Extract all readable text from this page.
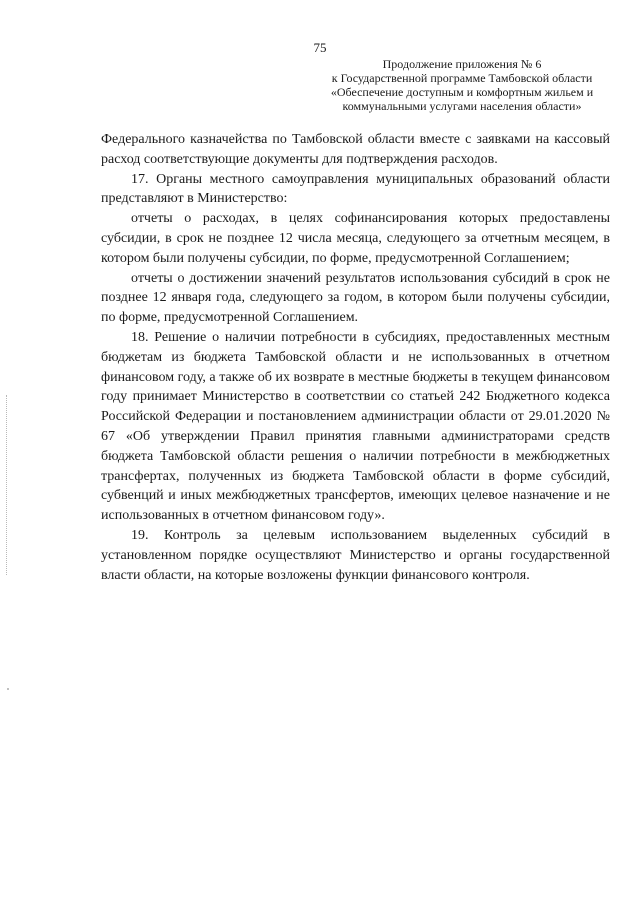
75
Продолжение приложения № 6
к Государственной программе Тамбовской области
«Обеспечение доступным и комфортным жильем и
коммунальными услугами населения области»

Федерального казначейства по Тамбовской области вместе с заявками на кассовый расход соответствующие документы для подтверждения расходов.

17. Органы местного самоуправления муниципальных образований области представляют в Министерство:

отчеты о расходах, в целях софинансирования которых предоставлены субсидии, в срок не позднее 12 числа месяца, следующего за отчетным месяцем, в котором были получены субсидии, по форме, предусмотренной Соглашением;

отчеты о достижении значений результатов использования субсидий в срок не позднее 12 января года, следующего за годом, в котором были получены субсидии, по форме, предусмотренной Соглашением.

18. Решение о наличии потребности в субсидиях, предоставленных местным бюджетам из бюджета Тамбовской области и не использованных в отчетном финансовом году, а также об их возврате в местные бюджеты в текущем финансовом году принимает Министерство в соответствии со статьей 242 Бюджетного кодекса Российской Федерации и постановлением администрации области от 29.01.2020 № 67 «Об утверждении Правил принятия главными администраторами средств бюджета Тамбовской области решения о наличии потребности в межбюджетных трансфертах, полученных из бюджета Тамбовской области в форме субсидий, субвенций и иных межбюджетных трансфертов, имеющих целевое назначение и не использованных в отчетном финансовом году».

19. Контроль за целевым использованием выделенных субсидий в установленном порядке осуществляют Министерство и органы государственной власти области, на которые возложены функции финансового контроля.
